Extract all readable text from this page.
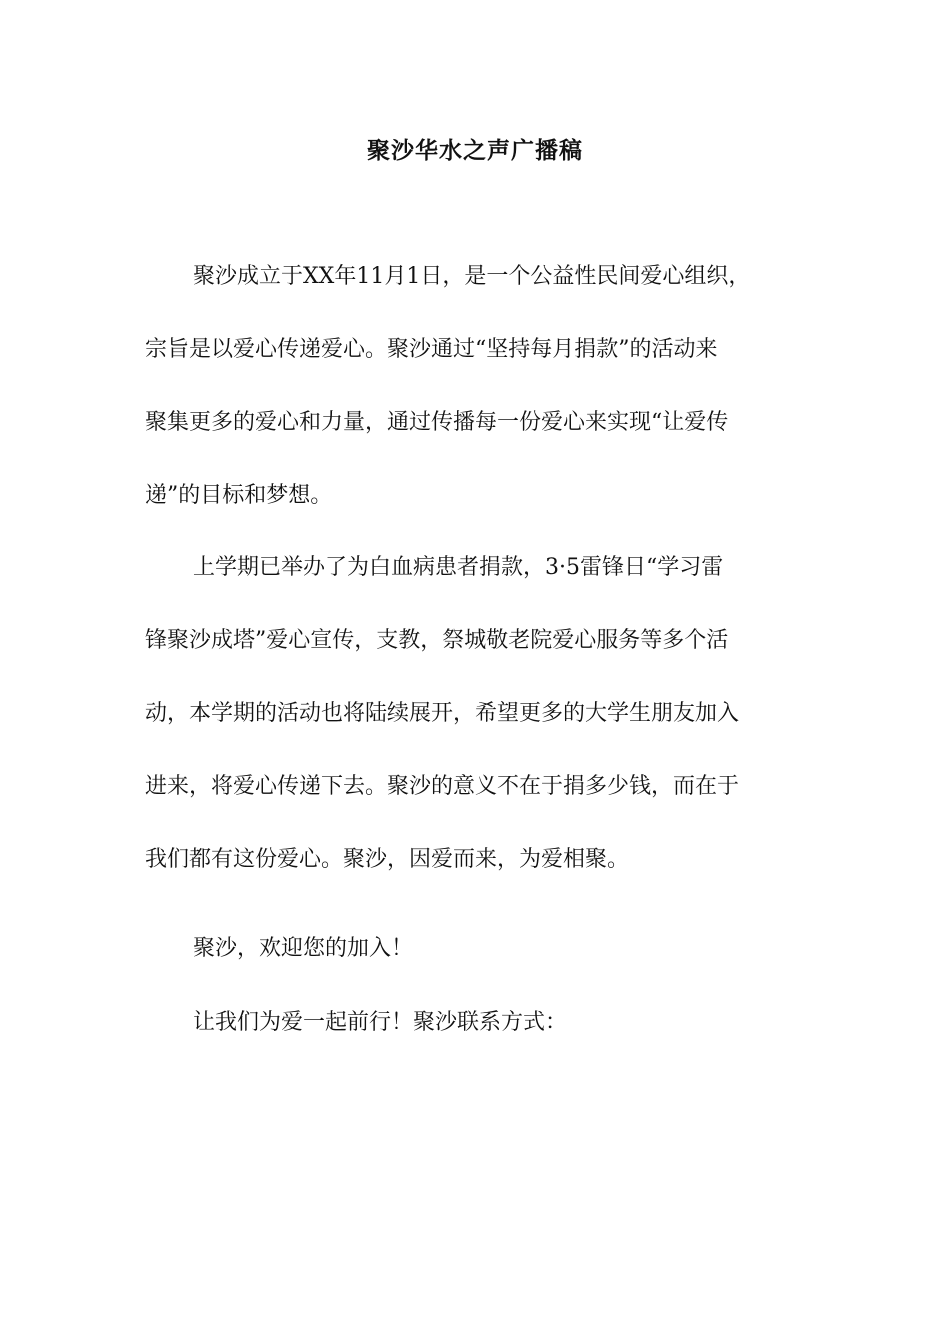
聚沙华水之声广播稿

聚沙成立于XX年11月1日，是一个公益性民间爱心组织，
宗旨是以爱心传递爱心。聚沙通过“坚持每月捐款”的活动来
聚集更多的爱心和力量，通过传播每一份爱心来实现“让爱传
递”的目标和梦想。

上学期已举办了为白血病患者捐款，3·5雷锋日“学习雷
锋聚沙成塔”爱心宣传，支教，祭城敬老院爱心服务等多个活
动，本学期的活动也将陆续展开，希望更多的大学生朋友加入
进来，将爱心传递下去。聚沙的意义不在于捐多少钱，而在于
我们都有这份爱心。聚沙，因爱而来，为爱相聚。

聚沙，欢迎您的加入！

让我们为爱一起前行！聚沙联系方式：
